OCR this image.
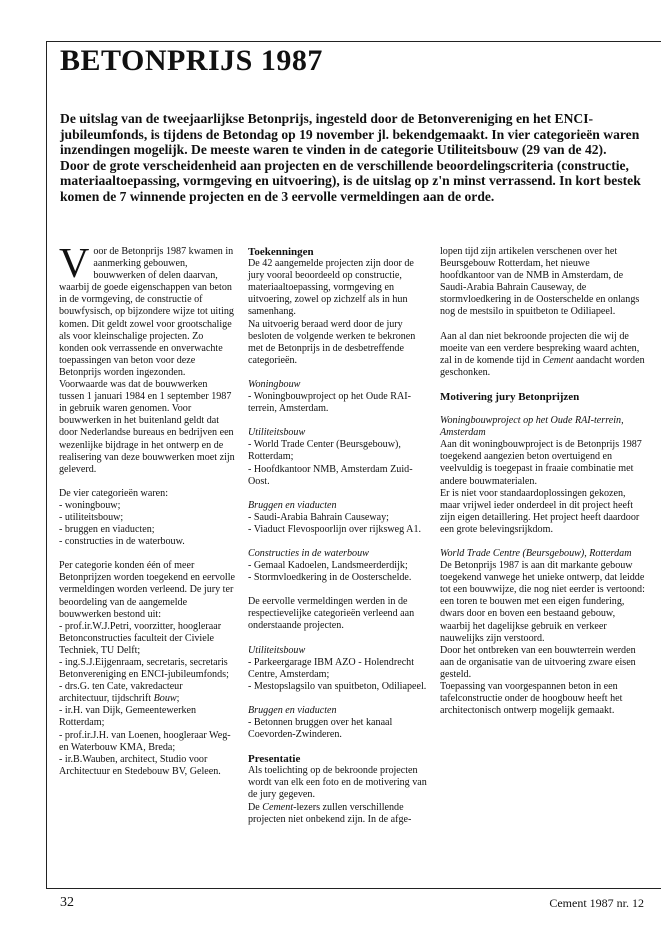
BETONPRIJS 1987

De uitslag van de tweejaarlijkse Betonprijs, ingesteld door de Betonvereniging en het ENCI-jubileumfonds, is tijdens de Betondag op 19 november jl. bekendgemaakt. In vier categorieën waren inzendingen mogelijk. De meeste waren te vinden in de categorie Utiliteitsbouw (29 van de 42).

Door de grote verscheidenheid aan projecten en de verschillende beoordelingscriteria (constructie, materiaaltoepassing, vormgeving en uitvoering), is de uitslag op z'n minst verrassend. In kort bestek komen de 7 winnende projecten en de 3 eervolle vermeldingen aan de orde.

Voor de Betonprijs 1987 kwamen in aanmerking gebouwen, bouwwerken of delen daarvan, waarbij de goede eigenschappen van beton in de vormgeving, de constructie of bouwfysisch, op bijzondere wijze tot uiting komen. Dit geldt zowel voor grootschalige als voor kleinschalige projecten. Zo konden ook verrassende en onverwachte toepassingen van beton voor deze Betonprijs worden ingezonden. Voorwaarde was dat de bouwwerken tussen 1 januari 1984 en 1 september 1987 in gebruik waren genomen. Voor bouwwerken in het buitenland geldt dat door Nederlandse bureaus en bedrijven een wezenlijke bijdrage in het ontwerp en de realisering van deze bouwwerken moet zijn geleverd.

De vier categorieën waren:

- woningbouw;
- utiliteitsbouw;
- bruggen en viaducten;

- constructies in de waterbouw.

Per categorie konden één of meer Betonprijzen worden toegekend en eervolle vermeldingen worden verleend. De jury ter beoordeling van de aangemelde bouwwerken bestond uit:

- prof.ir.W.J.Petri, voorzitter, hoogleraar Betonconstructies faculteit der Civiele Techniek, TU Delft;
- ing.S.J.Eijgenraam, secretaris, secretaris Betonvereniging en ENCI-jubileumfonds;
- drs.G. ten Cate, vakredacteur architectuur, tijdschrift Bouw;
- ir.H. van Dijk, Gemeentewerken Rotterdam;
- prof.ir.J.H. van Loenen, hoogleraar Weg- en Waterbouw KMA, Breda;
- ir.B.Wauben, architect, Studio voor Architectuur en Stedebouw BV, Geleen.
Toekenningen

De 42 aangemelde projecten zijn door de jury vooral beoordeeld op constructie, materiaaltoepassing, vormgeving en uitvoering, zowel op zichzelf als in hun samenhang.

Na uitvoerig beraad werd door de jury besloten de volgende werken te bekronen met de Betonprijs in de desbetreffende categorieën.

Woningbouw

- Woningbouwproject op het Oude RAI-terrein, Amsterdam.

Utiliteitsbouw
- World Trade Center (Beursgebouw), Rotterdam;

- Hoofdkantoor NMB, Amsterdam Zuid-Oost.

Bruggen en viaducten
- Saudi-Arabia Bahrain Causeway;

- Viaduct Flevospoorlijn over rijksweg A1.

Constructies in de waterbouw
- Gemaal Kadoelen, Landsmeerderdijk;

- Stormvloedkering in de Oosterschelde.

De eervolle vermeldingen werden in de respectievelijke categorieën verleend aan onderstaande projecten.

Utiliteitsbouw
- Parkeergarage IBM AZO - Holendrecht Centre, Amsterdam;

- Mestopslagsilo van spuitbeton, Odiliapeel.

Bruggen en viaducten

- Betonnen bruggen over het kanaal Coevorden-Zwinderen.

Presentatie

Als toelichting op de bekroonde projecten wordt van elk een foto en de motivering van de jury gegeven.

De Cement-lezers zullen verschillende projecten niet onbekend zijn. In de afge-

lopen tijd zijn artikelen verschenen over het Beursgebouw Rotterdam, het nieuwe hoofdkantoor van de NMB in Amsterdam, de Saudi-Arabia Bahrain Causeway, de stormvloedkering in de Oosterschelde en onlangs nog de mestsilo in spuitbeton te Odiliapeel.

Aan al dan niet bekroonde projecten die wij de moeite van een verdere bespreking waard achten, zal in de komende tijd in Cement aandacht worden geschonken.

Motivering jury Betonprijzen

Woningbouwproject op het Oude RAI-terrein, Amsterdam

Aan dit woningbouwproject is de Betonprijs 1987 toegekend aangezien beton overtuigend en veelvuldig is toegepast in fraaie combinatie met andere bouwmaterialen.

Er is niet voor standaardoplossingen gekozen, maar vrijwel ieder onderdeel in dit project heeft zijn eigen detaillering. Het project heeft daardoor een grote belevingsrijkdom.

World Trade Centre (Beursgebouw), Rotterdam

De Betonprijs 1987 is aan dit markante gebouw toegekend vanwege het unieke ontwerp, dat leidde tot een bouwwijze, die nog niet eerder is vertoond: een toren te bouwen met een eigen fundering, dwars door en boven een bestaand gebouw, waarbij het dagelijkse gebruik en verkeer nauwelijks zijn verstoord.

Door het ontbreken van een bouwterrein werden aan de organisatie van de uitvoering zware eisen gesteld.

Toepassing van voorgespannen beton in een tafelconstructie onder de hoogbouw heeft het architectonisch ontwerp mogelijk gemaakt.

32	Cement 1987 nr. 12
